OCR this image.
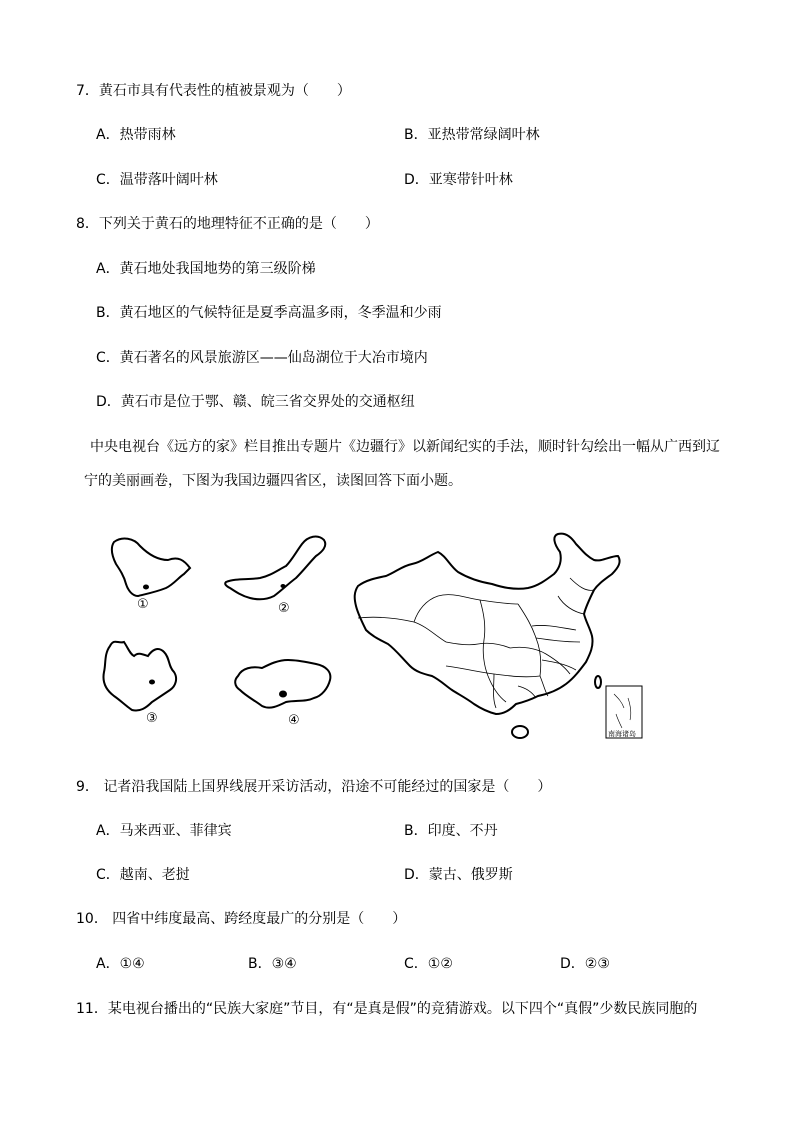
7．黄石市具有代表性的植被景观为（　　）
A．热带雨林	B．亚热带常绿阔叶林
C．温带落叶阔叶林	D．亚寒带针叶林
8．下列关于黄石的地理特征不正确的是（　　）
A．黄石地处我国地势的第三级阶梯
B．黄石地区的气候特征是夏季高温多雨，冬季温和少雨
C．黄石著名的风景旅游区——仙岛湖位于大冶市境内
D．黄石市是位于鄂、赣、皖三省交界处的交通枢纽
中央电视台《远方的家》栏目推出专题片《边疆行》以新闻纪实的手法，顺时针勾绘出一幅从广西到辽宁的美丽画卷，下图为我国边疆四省区，读图回答下面小题。
①	②
③	④
南海诸岛
9． 记者沿我国陆上国界线展开采访活动，沿途不可能经过的国家是（　　）
A．马来西亚、菲律宾	B．印度、不丹
C．越南、老挝	D．蒙古、俄罗斯
10． 四省中纬度最高、跨经度最广的分别是（　　）
A．①④	B．③④	C．①②	D．②③
11．某电视台播出的“民族大家庭”节目，有“是真是假”的竞猜游戏。以下四个“真假”少数民族同胞的
